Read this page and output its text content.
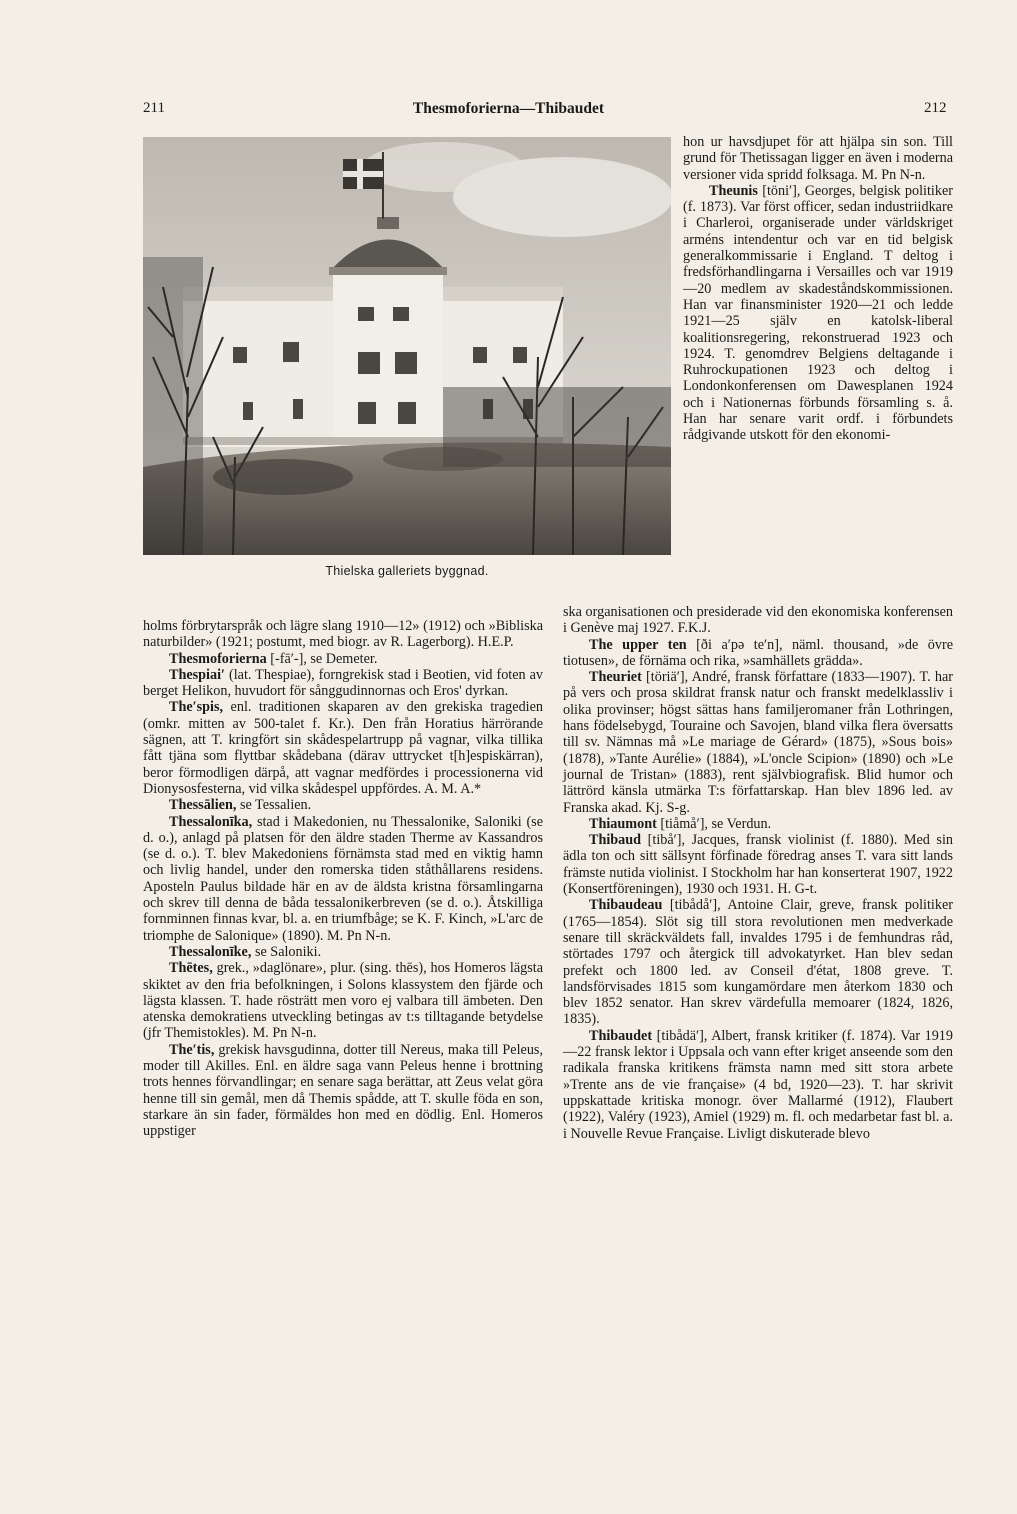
211	Thesmoforierna—Thibaudet	212
Thielska galleriets byggnad.

hon ur havsdjupet för att hjälpa sin son. Till grund för Thetissagan ligger en även i moderna versioner vida spridd folksaga. M. Pn N-n.

Theunis [töni′], Georges, belgisk politiker (f. 1873). Var först officer, sedan industriidkare i Charleroi, organiserade under världskriget arméns intendentur och var en tid belgisk generalkommissarie i England. T deltog i fredsförhandlingarna i Versailles och var 1919—20 medlem av skadeståndskommissionen. Han var finansminister 1920—21 och ledde 1921—25 själv en katolsk-liberal koalitionsregering, rekonstruerad 1923 och 1924. T. genomdrev Belgiens deltagande i Ruhrockupationen 1923 och deltog i Londonkonferensen om Dawesplanen 1924 och i Nationernas förbunds församling s. å. Han har senare varit ordf. i förbundets rådgivande utskott för den ekonomi-

holms förbrytarspråk och lägre slang 1910—12» (1912) och »Bibliska naturbilder» (1921; postumt, med biogr. av R. Lagerborg). H.E.P.

Thesmoforierna [-fā′-], se Demeter.

Thespiai′ (lat. Thespiae), forngrekisk stad i Beotien, vid foten av berget Helikon, huvudort för sånggudinnornas och Eros' dyrkan.

The′spis, enl. traditionen skaparen av den grekiska tragedien (omkr. mitten av 500-talet f. Kr.). Den från Horatius härrörande sägnen, att T. kringfört sin skådespelartrupp på vagnar, vilka tillika fått tjäna som flyttbar skådebana (därav uttrycket t[h]espiskärran), beror förmodligen därpå, att vagnar medfördes i processionerna vid Dionysosfesterna, vid vilka skådespel uppfördes. A. M. A.*

Thessālien, se Tessalien.

Thessalonīka, stad i Makedonien, nu Thessalonike, Saloniki (se d. o.), anlagd på platsen för den äldre staden Therme av Kassandros (se d. o.). T. blev Makedoniens förnämsta stad med en viktig hamn och livlig handel, under den romerska tiden ståthållarens residens. Aposteln Paulus bildade här en av de äldsta kristna församlingarna och skrev till denna de båda tessalonikerbreven (se d. o.). Åtskilliga fornminnen finnas kvar, bl. a. en triumfbåge; se K. F. Kinch, »L'arc de triomphe de Salonique» (1890). M. Pn N-n.

Thessalonīke, se Saloniki.

Thētes, grek., »daglönare», plur. (sing. thēs), hos Homeros lägsta skiktet av den fria befolkningen, i Solons klassystem den fjärde och lägsta klassen. T. hade rösträtt men voro ej valbara till ämbeten. Den atenska demokratiens utveckling betingas av t:s tilltagande betydelse (jfr Themistokles). M. Pn N-n.

The′tis, grekisk havsgudinna, dotter till Nereus, maka till Peleus, moder till Akilles. Enl. en äldre saga vann Peleus henne i brottning trots hennes förvandlingar; en senare saga berättar, att Zeus velat göra henne till sin gemål, men då Themis spådde, att T. skulle föda en son, starkare än sin fader, förmäldes hon med en dödlig. Enl. Homeros uppstiger

ska organisationen och presiderade vid den ekonomiska konferensen i Genève maj 1927. F.K.J.

The upper ten [ði a′pə te′n], näml. thousand, »de övre tiotusen», de förnäma och rika, »samhällets grädda».

Theuriet [töriä′], André, fransk författare (1833—1907). T. har på vers och prosa skildrat fransk natur och franskt medelklassliv i olika provinser; högst sättas hans familjeromaner från Lothringen, hans födelsebygd, Touraine och Savojen, bland vilka flera översatts till sv. Nämnas må »Le mariage de Gérard» (1875), »Sous bois» (1878), »Tante Aurélie» (1884), »L'oncle Scipion» (1890) och »Le journal de Tristan» (1883), rent självbiografisk. Blid humor och lättrörd känsla utmärka T:s författarskap. Han blev 1896 led. av Franska akad. Kj. S-g.

Thiaumont [tiåmå′], se Verdun.

Thibaud [tibå′], Jacques, fransk violinist (f. 1880). Med sin ädla ton och sitt sällsynt förfinade föredrag anses T. vara sitt lands främste nutida violinist. I Stockholm har han konserterat 1907, 1922 (Konsertföreningen), 1930 och 1931. H. G-t.

Thibaudeau [tibådå′], Antoine Clair, greve, fransk politiker (1765—1854). Slöt sig till stora revolutionen men medverkade senare till skräckväldets fall, invaldes 1795 i de femhundras råd, störtades 1797 och återgick till advokatyrket. Han blev sedan prefekt och 1800 led. av Conseil d'état, 1808 greve. T. landsförvisades 1815 som kungamördare men återkom 1830 och blev 1852 senator. Han skrev värdefulla memoarer (1824, 1826, 1835).

Thibaudet [tibådä′], Albert, fransk kritiker (f. 1874). Var 1919—22 fransk lektor i Uppsala och vann efter kriget anseende som den radikala franska kritikens främsta namn med sitt stora arbete »Trente ans de vie française» (4 bd, 1920—23). T. har skrivit uppskattade kritiska monogr. över Mallarmé (1912), Flaubert (1922), Valéry (1923), Amiel (1929) m. fl. och medarbetar fast bl. a. i Nouvelle Revue Française. Livligt diskuterade blevo
